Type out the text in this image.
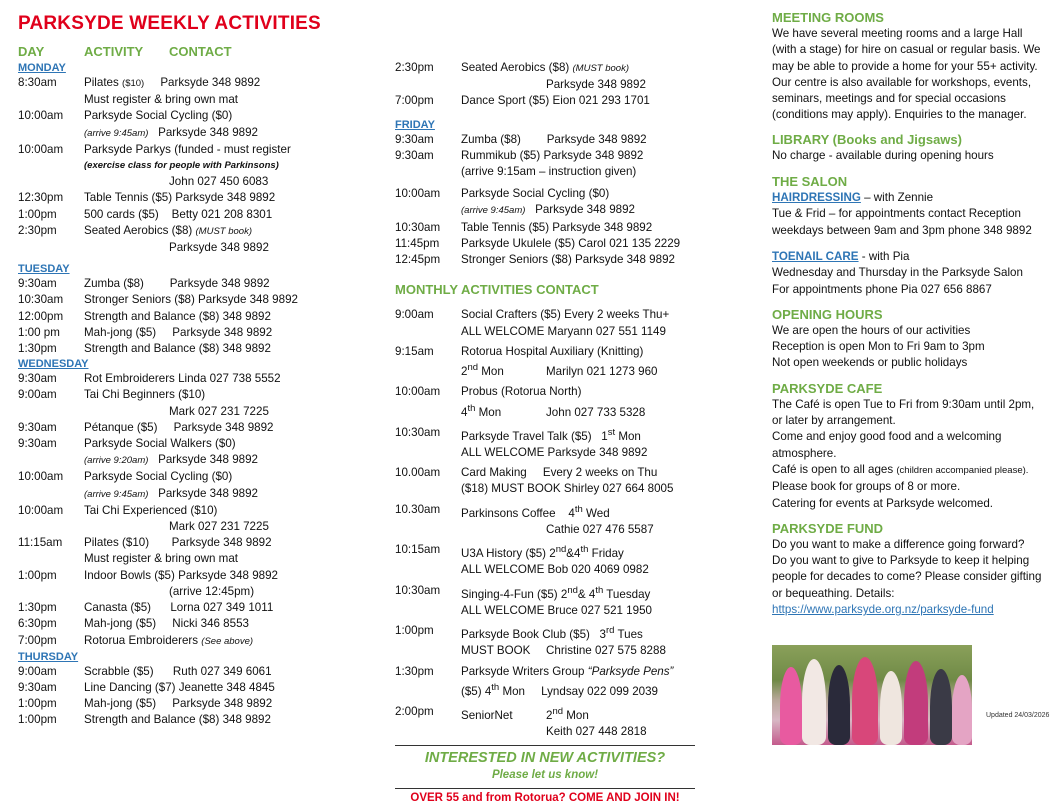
PARKSYDE WEEKLY ACTIVITIES
DAY	ACTIVITY	CONTACT
MONDAY
8:30am	Pilates ($10)     Parksyde 348 9892
Must register & bring own mat
10:00am	Parksyde Social Cycling ($0)
(arrive 9:45am)   Parksyde 348 9892
10:00am	Parksyde Parkys (funded - must register
(exercise class for people with Parkinsons)
John 027 450 6083
12:30pm	Table Tennis ($5) Parksyde 348 9892
1:00pm	500 cards ($5)    Betty 021 208 8301
2:30pm	Seated Aerobics ($8) (MUST book)
Parksyde 348 9892
TUESDAY
9:30am	Zumba ($8)        Parksyde 348 9892
10:30am	Stronger Seniors ($8) Parksyde 348 9892
12:00pm	Strength and Balance ($8) 348 9892
1:00 pm	Mah-jong ($5)     Parksyde 348 9892
1:30pm	Strength and Balance ($8) 348 9892
WEDNESDAY
9:30am	Rot Embroiderers Linda 027 738 5552
9:00am	Tai Chi Beginners ($10)
Mark 027 231 7225
9:30am	Pétanque ($5)     Parksyde 348 9892
9:30am	Parksyde Social Walkers ($0)
(arrive 9:20am)   Parksyde 348 9892
10:00am	Parksyde Social Cycling ($0)
(arrive 9:45am)   Parksyde 348 9892
10:00am	Tai Chi Experienced ($10)
Mark 027 231 7225
11:15am	Pilates ($10)       Parksyde 348 9892
Must register & bring own mat
1:00pm	Indoor Bowls ($5) Parksyde 348 9892
(arrive 12:45pm)
1:30pm	Canasta ($5)      Lorna 027 349 1011
6:30pm	Mah-jong ($5)     Nicki 346 8553
7:00pm	Rotorua Embroiderers (See above)
THURSDAY
9:00am	Scrabble ($5)      Ruth 027 349 6061
9:30am	Line Dancing ($7) Jeanette 348 4845
1:00pm	Mah-jong ($5)     Parksyde 348 9892
1:00pm	Strength and Balance ($8) 348 9892
2:30pm	Seated Aerobics ($8) (MUST book)
Parksyde 348 9892
7:00pm	Dance Sport ($5) Eion 021 293 1701
FRIDAY
9:30am	Zumba ($8)        Parksyde 348 9892
9:30am	Rummikub ($5) Parksyde 348 9892
(arrive 9:15am – instruction given)
10:00am	Parksyde Social Cycling ($0)
(arrive 9:45am)   Parksyde 348 9892
10:30am	Table Tennis ($5) Parksyde 348 9892
11:45pm	Parksyde Ukulele ($5) Carol 021 135 2229
12:45pm	Stronger Seniors ($8) Parksyde 348 9892
MONTHLY ACTIVITIES CONTACT
9:00am	Social Crafters ($5) Every 2 weeks Thu+
ALL WELCOME Maryann 027 551 1149
9:15am	Rotorua Hospital Auxiliary (Knitting)
2nd Mon	Marilyn 021 1273 960
10:00am	Probus (Rotorua North)
4th Mon	John 027 733 5328
10:30am	Parksyde Travel Talk ($5)   1st Mon
ALL WELCOME Parksyde 348 9892
10.00am	Card Making     Every 2 weeks on Thu
($18) MUST BOOK Shirley 027 664 8005
10.30am	Parkinsons Coffee    4th Wed
Cathie 027 476 5587
10:15am	U3A History ($5) 2nd&4th Friday
ALL WELCOME Bob 020 4069 0982
10:30am	Singing-4-Fun ($5) 2nd& 4th Tuesday
ALL WELCOME Bruce 027 521 1950
1:00pm	Parksyde Book Club ($5)   3rd Tues
MUST BOOK Christine 027 575 8288
1:30pm	Parksyde Writers Group “Parksyde Pens”
($5) 4th Mon     Lyndsay 022 099 2039
2:00pm	SeniorNet	2nd Mon
Keith 027 448 2818
INTERESTED IN NEW ACTIVITIES?
Please let us know!
OVER 55 and from Rotorua? COME AND JOIN IN!
MEETING ROOMS
We have several meeting rooms and a large Hall
(with a stage) for hire on casual or regular basis. We
may be able to provide a home for your 55+ activity.
Our centre is also available for workshops, events,
seminars, meetings and for special occasions
(conditions may apply). Enquiries to the manager.
LIBRARY (Books and Jigsaws)
No charge - available during opening hours
THE SALON
HAIRDRESSING – with Zennie
Tue & Frid – for appointments contact Reception
weekdays between 9am and 3pm phone 348 9892
TOENAIL CARE - with Pia
Wednesday and Thursday in the Parksyde Salon
For appointments phone Pia 027 656 8867
OPENING HOURS
We are open the hours of our activities
Reception is open Mon to Fri 9am to 3pm
Not open weekends or public holidays
PARKSYDE CAFE
The Café is open Tue to Fri from 9:30am until 2pm,
or later by arrangement.
Come and enjoy good food and a welcoming
atmosphere.
Café is open to all ages (children accompanied please).
Please book for groups of 8 or more.
Catering for events at Parksyde welcomed.
PARKSYDE FUND
Do you want to make a difference going forward?
Do you want to give to Parksyde to keep it helping
people for decades to come? Please consider gifting
or bequeathing. Details:
https://www.parksyde.org.nz/parksyde-fund
Updated 24/03/2026
